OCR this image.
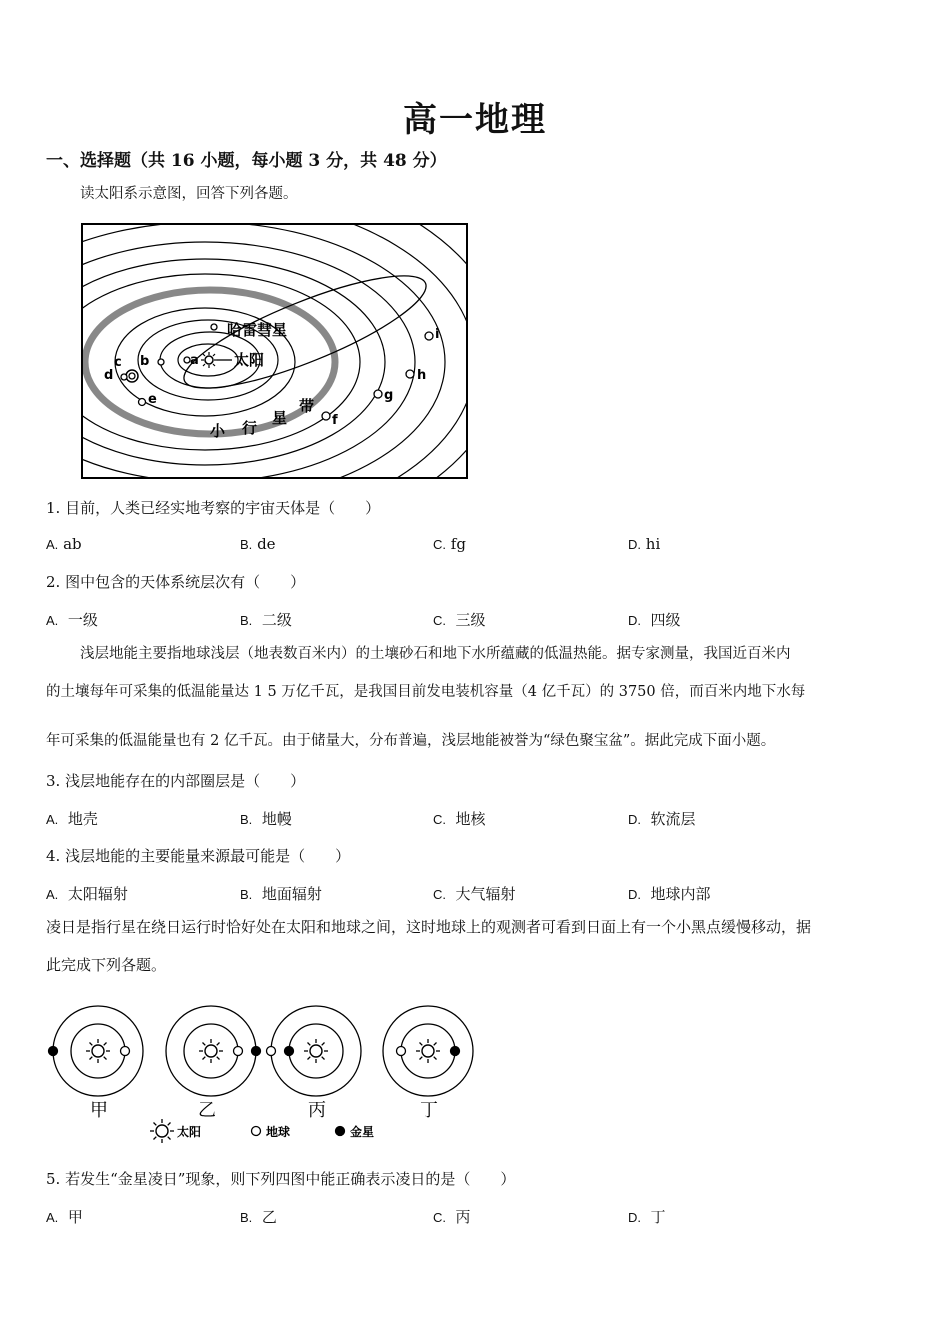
高一地理
一、选择题（共 16 小题，每小题 3 分，共 48 分）
读太阳系示意图，回答下列各题。
哈雷彗星
太阳
小 行
星
带
a
b
c
d
e
f
g
h
i
1. 目前，人类已经实地考察的宇宙天体是（　　）
A. ab	B. de	C. fg	D. hi
2. 图中包含的天体系统层次有（　　）
A. 一级	B. 二级	C. 三级	D. 四级
浅层地能主要指地球浅层（地表数百米内）的土壤砂石和地下水所蕴藏的低温热能。据专家测量，我国近百米内
的土壤每年可采集的低温能量达 1 5 万亿千瓦，是我国目前发电装机容量（4 亿千瓦）的 3750 倍，而百米内地下水每
年可采集的低温能量也有 2 亿千瓦。由于储量大，分布普遍，浅层地能被誉为“绿色聚宝盆”。据此完成下面小题。
3. 浅层地能存在的内部圈层是（　　）
A. 地壳	B. 地幔	C. 地核	D. 软流层
4. 浅层地能的主要能量来源最可能是（　　）
A. 太阳辐射	B. 地面辐射	C. 大气辐射	D. 地球内部
凌日是指行星在绕日运行时恰好处在太阳和地球之间，这时地球上的观测者可看到日面上有一个小黑点缓慢移动，据
此完成下列各题。
甲	乙	丙	丁
太阳	地球	金星
5. 若发生“金星凌日”现象，则下列四图中能正确表示凌日的是（　　）
A. 甲	B. 乙	C. 丙	D. 丁
